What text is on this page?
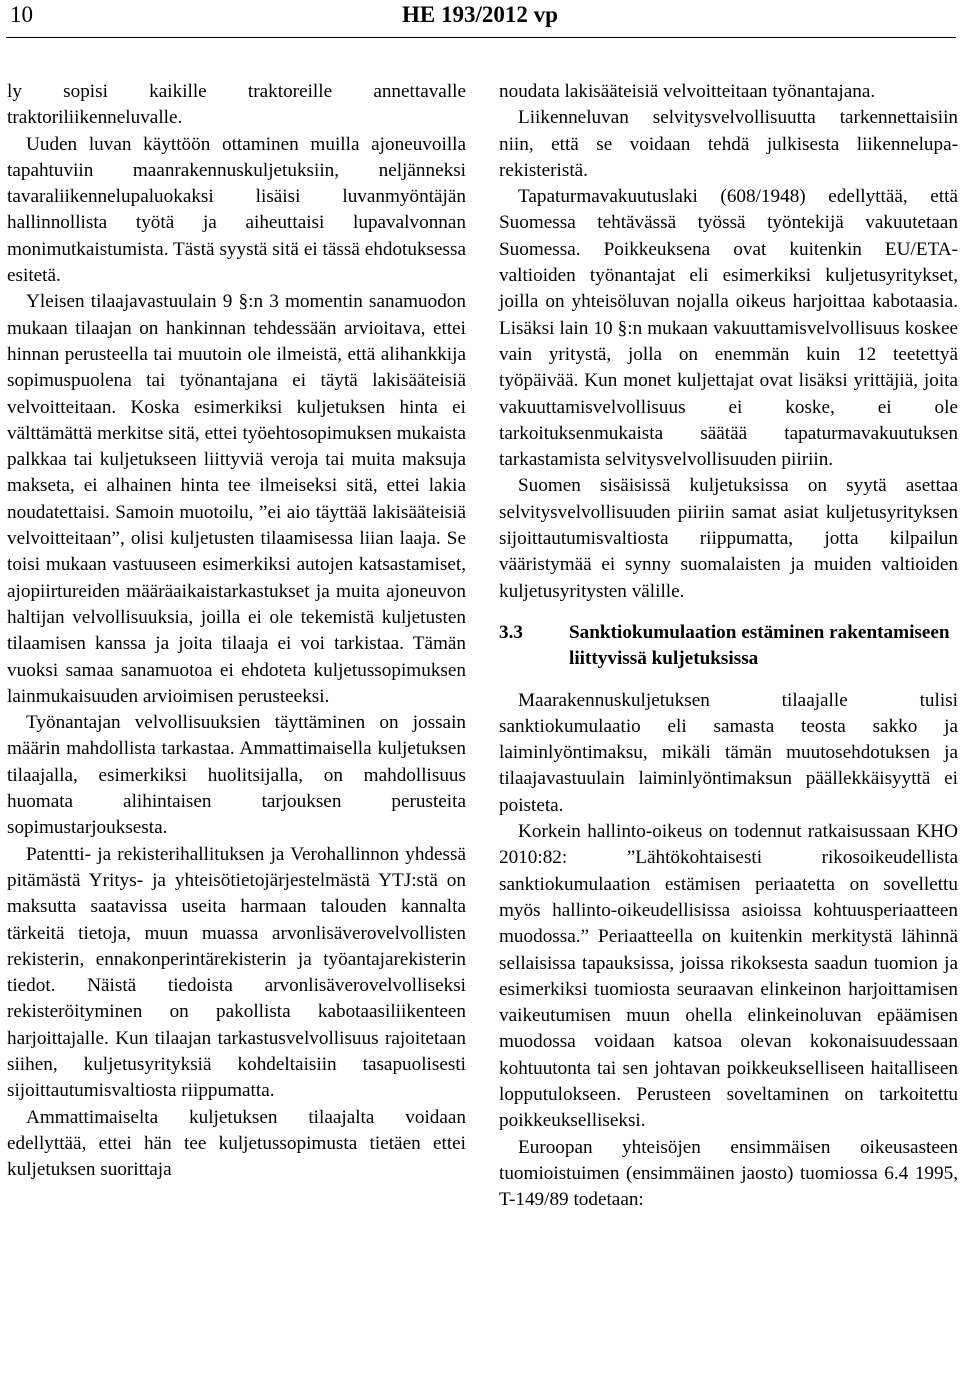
10	HE 193/2012 vp

ly sopisi kaikille traktoreille annettavalle traktoriliikenneluvalle.

Uuden luvan käyttöön ottaminen muilla ajoneuvoilla tapahtuviin maanrakennuskuljetuksiin, neljänneksi tavaraliikennelupaluokaksi lisäisi luvanmyöntäjän hallinnollista työtä ja aiheuttaisi lupavalvonnan monimutkaistumista. Tästä syystä sitä ei tässä ehdotuksessa esitetä.

Yleisen tilaajavastuulain 9 §:n 3 momentin sanamuodon mukaan tilaajan on hankinnan tehdessään arvioitava, ettei hinnan perusteella tai muutoin ole ilmeistä, että alihankkija sopimuspuolena tai työnantajana ei täytä lakisääteisiä velvoitteitaan. Koska esimerkiksi kuljetuksen hinta ei välttämättä merkitse sitä, ettei työehtosopimuksen mukaista palkkaa tai kuljetukseen liittyviä veroja tai muita maksuja makseta, ei alhainen hinta tee ilmeiseksi sitä, ettei lakia noudatettaisi. Samoin muotoilu, ”ei aio täyttää lakisääteisiä velvoitteitaan”, olisi kuljetusten tilaamisessa liian laaja. Se toisi mukaan vastuuseen esimerkiksi autojen katsastamiset, ajopiirtureiden määräaikaistarkastukset ja muita ajoneuvon haltijan velvollisuuksia, joilla ei ole tekemistä kuljetusten tilaamisen kanssa ja joita tilaaja ei voi tarkistaa. Tämän vuoksi samaa sanamuotoa ei ehdoteta kuljetussopimuksen lainmukaisuuden arvioimisen perusteeksi.

Työnantajan velvollisuuksien täyttäminen on jossain määrin mahdollista tarkastaa. Ammattimaisella kuljetuksen tilaajalla, esimerkiksi huolitsijalla, on mahdollisuus huomata alihintaisen tarjouksen perusteita sopimustarjouksesta.

Patentti- ja rekisterihallituksen ja Verohallinnon yhdessä pitämästä Yritys- ja yhteisötietojärjestelmästä YTJ:stä on maksutta saatavissa useita harmaan talouden kannalta tärkeitä tietoja, muun muassa arvonlisäverovelvollisten rekisterin, ennakonperintärekisterin ja työantajarekisterin tiedot. Näistä tiedoista arvonlisäverovelvolliseksi rekisteröityminen on pakollista kabotaasiliikenteen harjoittajalle. Kun tilaajan tarkastusvelvollisuus rajoitetaan siihen, kuljetusyrityksiä kohdeltaisiin tasapuolisesti sijoittautumisvaltiosta riippumatta.

Ammattimaiselta kuljetuksen tilaajalta voidaan edellyttää, ettei hän tee kuljetussopimusta tietäen ettei kuljetuksen suorittaja

noudata lakisääteisiä velvoitteitaan työnantajana.

Liikenneluvan selvitysvelvollisuutta tarkennettaisiin niin, että se voidaan tehdä julkisesta liikenneluparekisteristä.

Tapaturmavakuutuslaki (608/1948) edellyttää, että Suomessa tehtävässä työssä työntekijä vakuutetaan Suomessa. Poikkeuksena ovat kuitenkin EU/ETA-valtioiden työnantajat eli esimerkiksi kuljetusyritykset, joilla on yhteisöluvan nojalla oikeus harjoittaa kabotaasia. Lisäksi lain 10 §:n mukaan vakuuttamisvelvollisuus koskee vain yritystä, jolla on enemmän kuin 12 teetettyä työpäivää. Kun monet kuljettajat ovat lisäksi yrittäjiä, joita vakuuttamisvelvollisuus ei koske, ei ole tarkoituksenmukaista säätää tapaturmavakuutuksen tarkastamista selvitysvelvollisuuden piiriin.

Suomen sisäisissä kuljetuksissa on syytä asettaa selvitysvelvollisuuden piiriin samat asiat kuljetusyrityksen sijoittautumisvaltiosta riippumatta, jotta kilpailun vääristymää ei synny suomalaisten ja muiden valtioiden kuljetusyritysten välille.

3.3	Sanktiokumulaation estäminen rakentamiseen liittyvissä kuljetuksissa

Maarakennuskuljetuksen tilaajalle tulisi sanktiokumulaatio eli samasta teosta sakko ja laiminlyöntimaksu, mikäli tämän muutosehdotuksen ja tilaajavastuulain laiminlyöntimaksun päällekkäisyyttä ei poisteta.

Korkein hallinto-oikeus on todennut ratkaisussaan KHO 2010:82: ”Lähtökohtaisesti rikosoikeudellista sanktiokumulaation estämisen periaatetta on sovellettu myös hallinto-oikeudellisissa asioissa kohtuusperiaatteen muodossa.” Periaatteella on kuitenkin merkitystä lähinnä sellaisissa tapauksissa, joissa rikoksesta saadun tuomion ja esimerkiksi tuomiosta seuraavan elinkeinon harjoittamisen vaikeutumisen muun ohella elinkeinoluvan epäämisen muodossa voidaan katsoa olevan kokonaisuudessaan kohtuutonta tai sen johtavan poikkeukselliseen haitalliseen lopputulokseen. Perusteen soveltaminen on tarkoitettu poikkeukselliseksi.

Euroopan yhteisöjen ensimmäisen oikeusasteen tuomioistuimen (ensimmäinen jaosto) tuomiossa 6.4 1995, T-149/89 todetaan:
